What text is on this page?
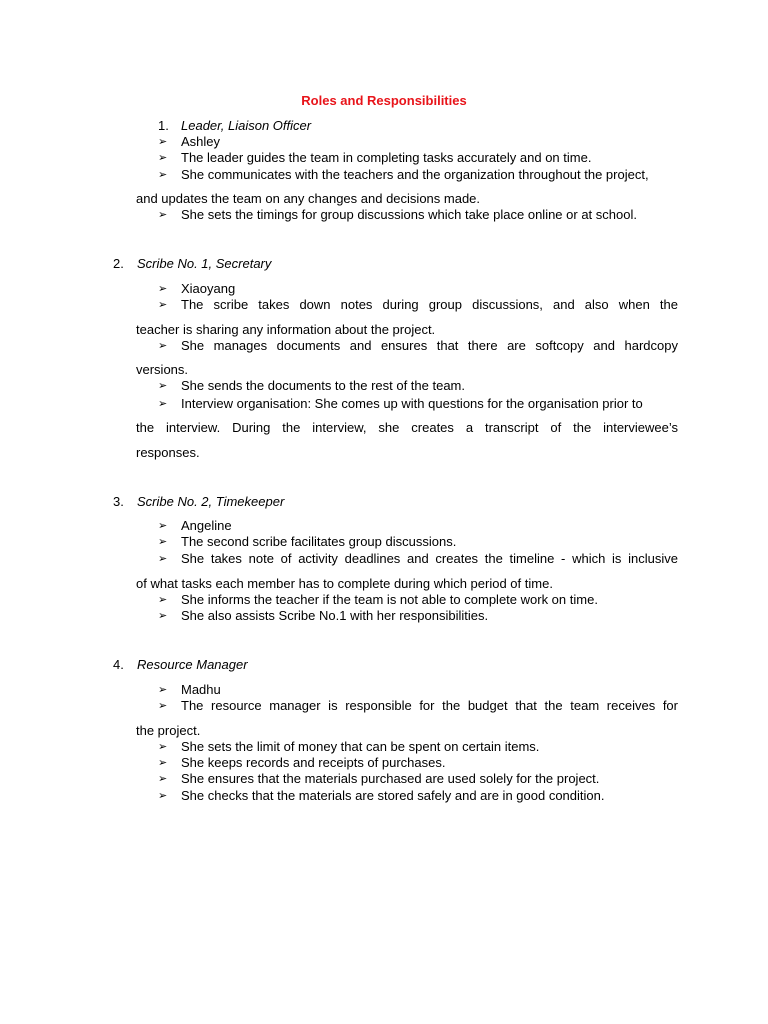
Roles and Responsibilities
1. Leader, Liaison Officer
➢	Ashley
➢	The leader guides the team in completing tasks accurately and on time.
➢	She communicates with the teachers and the organization throughout the project,
and updates the team on any changes and decisions made.
➢	She sets the timings for group discussions which take place online or at school.
2. Scribe No. 1, Secretary
➢	Xiaoyang
➢	The scribe takes down notes during group discussions, and also when the
teacher is sharing any information about the project.
➢	She manages documents and ensures that there are softcopy and hardcopy
versions.
➢	She sends the documents to the rest of the team.
➢	Interview organisation: She comes up with questions for the organisation prior to
the interview. During the interview, she creates a transcript of the interviewee’s
responses.
3. Scribe No. 2, Timekeeper
➢	Angeline
➢	The second scribe facilitates group discussions.
➢	She takes note of activity deadlines and creates the timeline - which is inclusive
of what tasks each member has to complete during which period of time.
➢	She informs the teacher if the team is not able to complete work on time.
➢	She also assists Scribe No.1 with her responsibilities.
4. Resource Manager
➢	Madhu
➢	The resource manager is responsible for the budget that the team receives for
the project.
➢	She sets the limit of money that can be spent on certain items.
➢	She keeps records and receipts of purchases.
➢	She ensures that the materials purchased are used solely for the project.
➢	She checks that the materials are stored safely and are in good condition.
